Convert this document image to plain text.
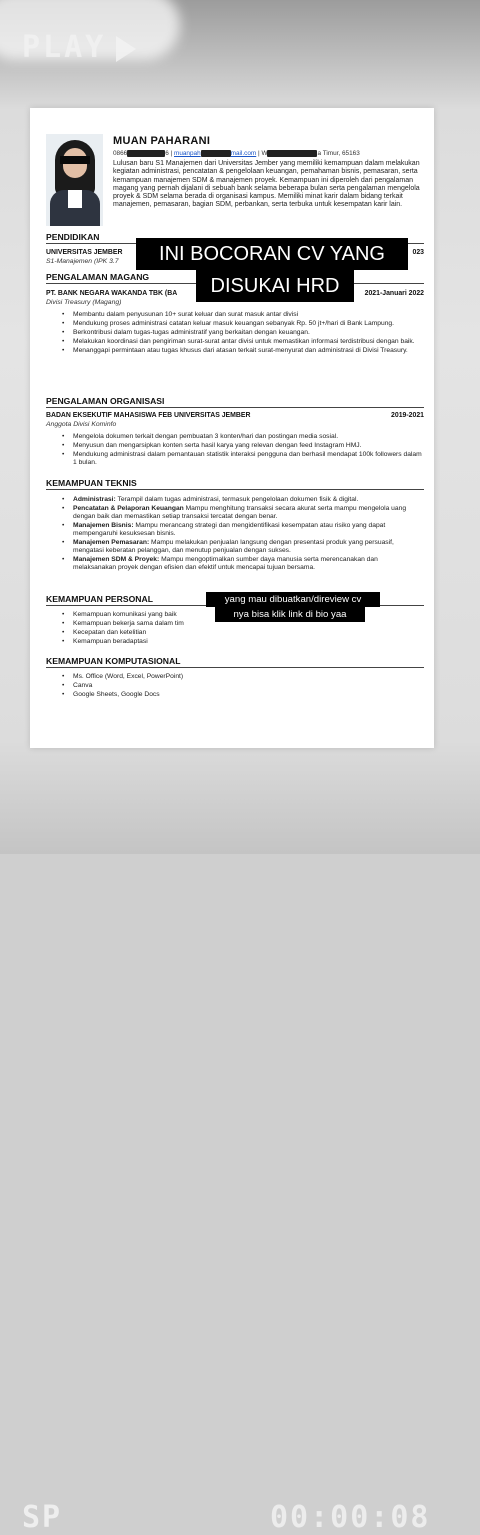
PLAY
SP	00:00:08
MUAN PAHARANI
0866	6 | muanpah	mail.com | W	a Timur, 65163
Lulusan baru S1 Manajemen dari Universitas Jember yang memiliki kemampuan dalam melakukan kegiatan administrasi, pencatatan & pengelolaan keuangan, pemahaman bisnis, pemasaran, serta kemampuan manajemen SDM & manajemen proyek. Kemampuan ini diperoleh dari pengalaman magang yang pernah dijalani di sebuah bank selama beberapa bulan serta pengalaman mengelola proyek & SDM selama berada di organisasi kampus. Memiliki minat karir dalam bidang terkait manajemen, pemasaran, bagian SDM, perbankan, serta terbuka untuk kesempatan karir lain.
PENDIDIKAN
UNIVERSITAS JEMBER	023
S1-Manajemen (IPK 3.7
PENGALAMAN MAGANG
PT. BANK NEGARA WAKANDA TBK (BA	2021-Januari 2022
Divisi Treasury (Magang)
• Membantu dalam penyusunan 10+ surat keluar dan surat masuk antar divisi
• Mendukung proses administrasi catatan keluar masuk keuangan sebanyak Rp. 50 jt+/hari di Bank Lampung.
• Berkontribusi dalam tugas-tugas administratif yang berkaitan dengan keuangan.
• Melakukan koordinasi dan pengiriman surat-surat antar divisi untuk memastikan informasi terdistribusi dengan baik.
• Menanggapi permintaan atau tugas khusus dari atasan terkait surat-menyurat dan administrasi di Divisi Treasury.
PENGALAMAN ORGANISASI
BADAN EKSEKUTIF MAHASISWA FEB UNIVERSITAS JEMBER	2019-2021
Anggota Divisi Kominfo
• Mengelola dokumen terkait dengan pembuatan 3 konten/hari dan postingan media sosial.
• Menyusun dan mengarsipkan konten serta hasil karya yang relevan dengan feed Instagram HMJ.
• Mendukung administrasi dalam pemantauan statistik interaksi pengguna dan berhasil mendapat 100k followers dalam 1 bulan.
KEMAMPUAN TEKNIS
• Administrasi: Terampil dalam tugas administrasi, termasuk pengelolaan dokumen fisik & digital.
• Pencatatan & Pelaporan Keuangan Mampu menghitung transaksi secara akurat serta mampu mengelola uang dengan baik dan memastikan setiap transaksi tercatat dengan benar.
• Manajemen Bisnis: Mampu merancang strategi dan mengidentifikasi kesempatan atau risiko yang dapat mempengaruhi kesuksesan bisnis.
• Manajemen Pemasaran: Mampu melakukan penjualan langsung dengan presentasi produk yang persuasif, mengatasi keberatan pelanggan, dan menutup penjualan dengan sukses.
• Manajemen SDM & Proyek: Mampu mengoptimalkan sumber daya manusia serta merencanakan dan melaksanakan proyek dengan efisien dan efektif untuk mencapai tujuan bersama.
KEMAMPUAN PERSONAL
• Kemampuan komunikasi yang baik
• Kemampuan bekerja sama dalam tim
• Kecepatan dan ketelitian
• Kemampuan beradaptasi
KEMAMPUAN KOMPUTASIONAL
• Ms. Office (Word, Excel, PowerPoint)
• Canva
• Google Sheets, Google Docs
INI BOCORAN CV YANG
DISUKAI HRD
yang mau dibuatkan/direview cv
nya bisa klik link di bio yaa
